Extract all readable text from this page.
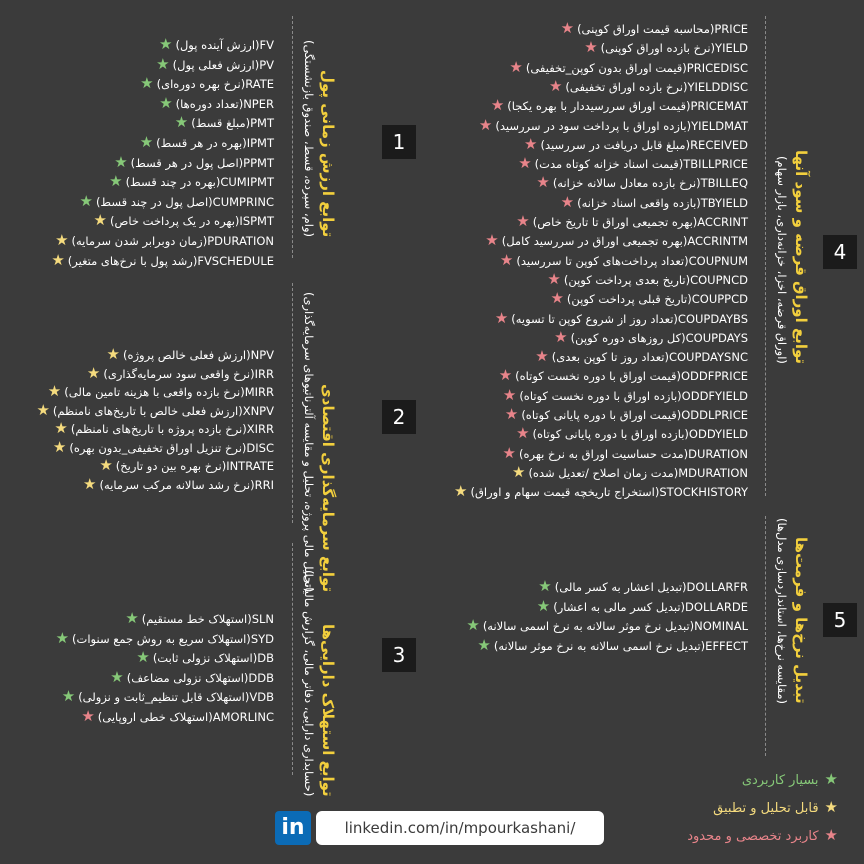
★ (ارزش آینده پول)FV
★ (ارزش فعلی پول)PV
★ (نرخ بهره دوره‌ای)RATE
★ (تعداد دوره‌ها)NPER
★ (مبلغ قسط)PMT
★ (بهره در هر قسط)IPMT
★ (اصل پول در هر قسط)PPMT
★ (بهره در چند قسط)CUMIPMT
★ (اصل پول در چند قسط)CUMPRINC
★ (بهره در یک پرداخت خاص)ISPMT
★ (زمان دوبرابر شدن سرمایه)PDURATION
★ (رشد پول با نرخ‌های متغیر)FVSCHEDULE
★ (ارزش فعلی خالص پروژه)NPV
★ (نرخ واقعی سود سرمایه‌گذاری)IRR
★ (نرخ بازده واقعی با هزینه تامین مالی)MIRR
★ (ارزش فعلی خالص با تاریخ‌های نامنظم)XNPV
★ (نرخ بازده پروژه با تاریخ‌های نامنظم)XIRR
★ (نرخ تنزیل اوراق تخفیفی_بدون بهره)DISC
★ (نرخ بهره بین دو تاریخ)INTRATE
★ (نرخ رشد سالانه مرکب سرمایه)RRI
★ (استهلاک خط مستقیم)SLN
★ (استهلاک سریع به روش جمع سنوات)SYD
★ (استهلاک نزولی ثابت)DB
★ (استهلاک نزولی مضاعف)DDB
★ (استهلاک قابل تنظیم_ثابت و نزولی)VDB
★ (استهلاک خطی اروپایی)AMORLINC
★ (محاسبه قیمت اوراق کوپنی)PRICE
★ (نرخ بازده اوراق کوپنی)YIELD
★ (قیمت اوراق بدون کوپن_تخفیفی)PRICEDISC
★ (نرخ بازده اوراق تخفیفی)YIELDDISC
★ (قیمت اوراق سررسیددار با بهره یکجا)PRICEMAT
★ (بازده اوراق با پرداخت سود در سررسید)YIELDMAT
★ (مبلغ قابل دریافت در سررسید)RECEIVED
★ (قیمت اسناد خزانه کوتاه مدت)TBILLPRICE
★ (نرخ بازده معادل سالانه خزانه)TBILLEQ
★ (بازده واقعی اسناد خزانه)TBYIELD
★ (بهره تجمیعی اوراق تا تاریخ خاص)ACCRINT
★ (بهره تجمیعی اوراق در سررسید کامل)ACCRINTM
★ (تعداد پرداخت‌های کوپن تا سررسید)COUPNUM
★ (تاریخ بعدی پرداخت کوپن)COUPNCD
★ (تاریخ قبلی پرداخت کوپن)COUPPCD
★ (تعداد روز از شروع کوپن تا تسویه)COUPDAYBS
★ (کل روزهای دوره کوپن)COUPDAYS
★ (تعداد روز تا کوپن بعدی)COUPDAYSNC
★ (قیمت اوراق با دوره نخست کوتاه)ODDFPRICE
★ (بازده اوراق با دوره نخست کوتاه)ODDFYIELD
★ (قیمت اوراق با دوره پایانی کوتاه)ODDLPRICE
★ (بازده اوراق با دوره پایانی کوتاه)ODDYIELD
★ (مدت حساسیت اوراق به نرخ بهره)DURATION
★ (مدت زمان اصلاح /تعدیل شده)MDURATION
★ (استخراج تاریخچه قیمت سهام و اوراق)STOCKHISTORY
★ (تبدیل اعشار به کسر مالی)DOLLARFR
★ (تبدیل کسر مالی به اعشار)DOLLARDE
★ (تبدیل نرخ موثر سالانه به نرخ اسمی سالانه)NOMINAL
★ (تبدیل نرخ اسمی سالانه به نرخ موثر سالانه)EFFECT
توابع ارزش زمانی پول
(وام، سپرده، قسط، صندوق بازنشستگی)
توابع سرمایه‌گذاری اقتصادی
(تحلیل مالی پروژه، تحلیل و مقایسه آلترناتیوهای سرمایه‌گذاری)
توابع استهلاک دارایی‌ها
(حسابداری دارایی، دفاتر مالی، گزارش مالیاتی)
توابع اوراق قرضه و سود آنها
(اوراق قرضه، اخزا، خزانه‌داری، بازار سهام)
تبدیل نرخ‌ها و فرمت‌ها
(مقایسه نرخ‌ها، استانداردسازی مدل‌ها)
1
2
3
4
5
★بسیار کاربردی
★قابل تحلیل و تطبیق
★کاربرد تخصصی و محدود
in	linkedin.com/in/mpourkashani/
